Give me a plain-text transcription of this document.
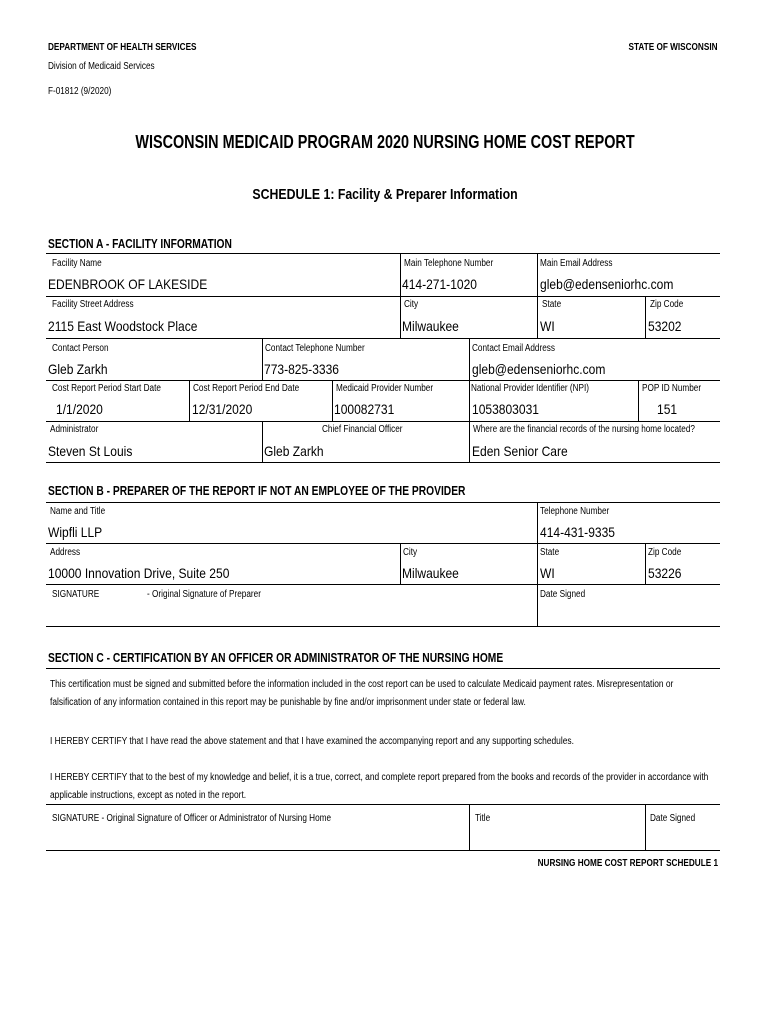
DEPARTMENT OF HEALTH SERVICES
Division of Medicaid Services
F-01812 (9/2020)
STATE OF WISCONSIN
WISCONSIN MEDICAID PROGRAM 2020 NURSING HOME COST REPORT
SCHEDULE 1: Facility & Preparer Information
SECTION A - FACILITY INFORMATION
Facility Name
EDENBROOK OF LAKESIDE
Main Telephone Number
414-271-1020
Main Email Address
gleb@edenseniorhc.com
Facility Street Address
2115 East Woodstock Place
City
Milwaukee
State
WI
Zip Code
53202
Contact Person
Gleb Zarkh
Contact Telephone Number
773-825-3336
Contact Email Address
gleb@edenseniorhc.com
Cost Report Period Start Date
1/1/2020
Cost Report Period End Date
12/31/2020
Medicaid Provider Number
100082731
National Provider Identifier (NPI)
1053803031
POP ID Number
151
Administrator
Steven St Louis
Chief Financial Officer
Gleb Zarkh
Where are the financial records of the nursing home located?
Eden Senior Care
SECTION B - PREPARER OF THE REPORT IF NOT AN EMPLOYEE OF THE PROVIDER
Name and Title
Wipfli LLP
Telephone Number
414-431-9335
Address
10000 Innovation Drive, Suite 250
City
Milwaukee
State
WI
Zip Code
53226
SIGNATURE	- Original Signature of Preparer	Date Signed
SECTION C - CERTIFICATION BY AN OFFICER OR ADMINISTRATOR OF THE NURSING HOME
This certification must be signed and submitted before the information included in the cost report can be used to calculate Medicaid payment rates. Misrepresentation or
falsification of any information contained in this report may be punishable by fine and/or imprisonment under state or federal law.
I HEREBY CERTIFY that I have read the above statement and that I have examined the accompanying report and any supporting schedules.
I HEREBY CERTIFY that to the best of my knowledge and belief, it is a true, correct, and complete report prepared from the books and records of the provider in accordance with
applicable instructions, except as noted in the report.
SIGNATURE - Original Signature of Officer or Administrator of Nursing Home	Title	Date Signed
NURSING HOME COST REPORT SCHEDULE 1
